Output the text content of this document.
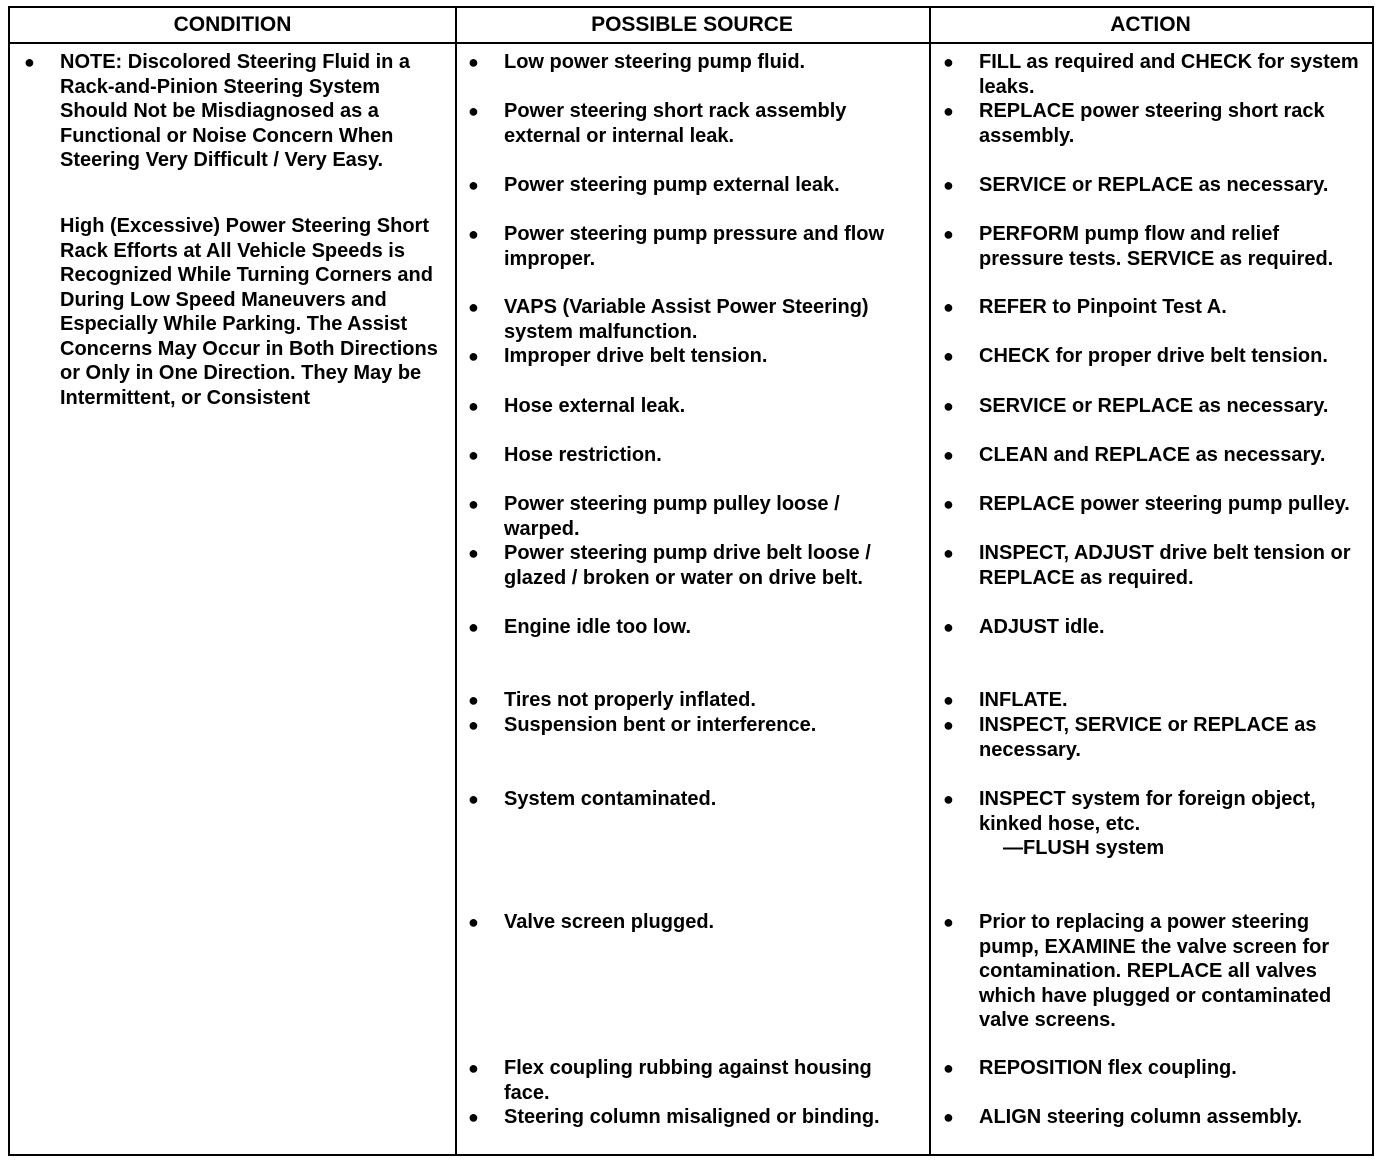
CONDITION	POSSIBLE SOURCE	ACTION
● NOTE: Discolored Steering Fluid in a Rack-and-Pinion Steering System Should Not be Misdiagnosed as a Functional or Noise Concern When Steering Very Difficult / Very Easy.
High (Excessive) Power Steering Short Rack Efforts at All Vehicle Speeds is Recognized While Turning Corners and During Low Speed Maneuvers and Especially While Parking. The Assist Concerns May Occur in Both Directions or Only in One Direction. They May be Intermittent, or Consistent
● Low power steering pump fluid.
● Power steering short rack assembly external or internal leak.
● Power steering pump external leak.
● Power steering pump pressure and flow improper.
● VAPS (Variable Assist Power Steering) system malfunction.
● Improper drive belt tension.
● Hose external leak.
● Hose restriction.
● Power steering pump pulley loose / warped.
● Power steering pump drive belt loose / glazed / broken or water on drive belt.
● Engine idle too low.
● Tires not properly inflated.
● Suspension bent or interference.
● System contaminated.
● Valve screen plugged.
● Flex coupling rubbing against housing face.
● Steering column misaligned or binding.
● FILL as required and CHECK for system leaks.
● REPLACE power steering short rack assembly.
● SERVICE or REPLACE as necessary.
● PERFORM pump flow and relief pressure tests. SERVICE as required.
● REFER to Pinpoint Test A.
● CHECK for proper drive belt tension.
● SERVICE or REPLACE as necessary.
● CLEAN and REPLACE as necessary.
● REPLACE power steering pump pulley.
● INSPECT, ADJUST drive belt tension or REPLACE as required.
● ADJUST idle.
● INFLATE.
● INSPECT, SERVICE or REPLACE as necessary.
● INSPECT system for foreign object, kinked hose, etc.
—FLUSH system
● Prior to replacing a power steering pump, EXAMINE the valve screen for contamination. REPLACE all valves which have plugged or contaminated valve screens.
● REPOSITION flex coupling.
● ALIGN steering column assembly.
